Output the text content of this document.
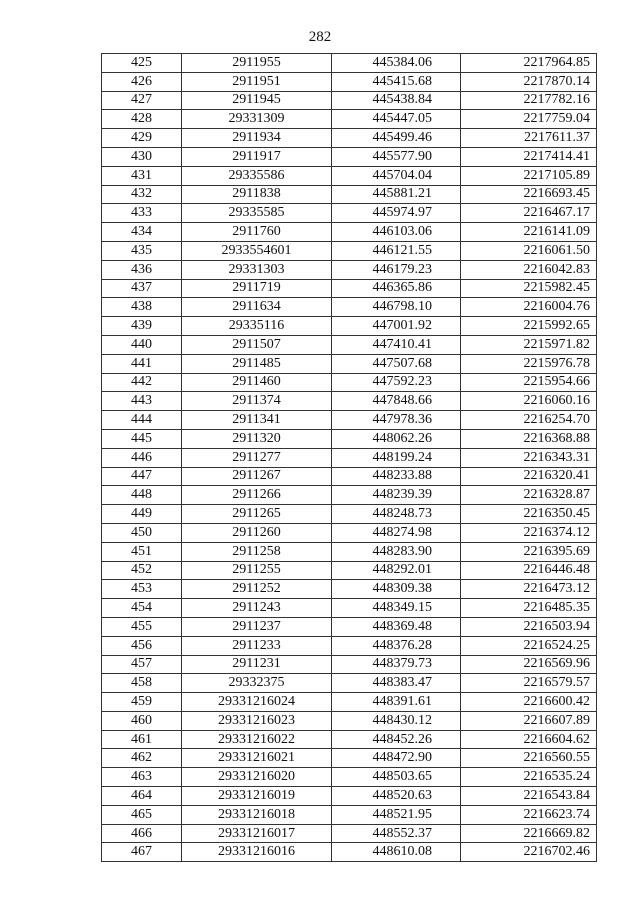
282
425	2911955	445384.06	2217964.85
426	2911951	445415.68	2217870.14
427	2911945	445438.84	2217782.16
428	29331309	445447.05	2217759.04
429	2911934	445499.46	2217611.37
430	2911917	445577.90	2217414.41
431	29335586	445704.04	2217105.89
432	2911838	445881.21	2216693.45
433	29335585	445974.97	2216467.17
434	2911760	446103.06	2216141.09
435	2933554601	446121.55	2216061.50
436	29331303	446179.23	2216042.83
437	2911719	446365.86	2215982.45
438	2911634	446798.10	2216004.76
439	29335116	447001.92	2215992.65
440	2911507	447410.41	2215971.82
441	2911485	447507.68	2215976.78
442	2911460	447592.23	2215954.66
443	2911374	447848.66	2216060.16
444	2911341	447978.36	2216254.70
445	2911320	448062.26	2216368.88
446	2911277	448199.24	2216343.31
447	2911267	448233.88	2216320.41
448	2911266	448239.39	2216328.87
449	2911265	448248.73	2216350.45
450	2911260	448274.98	2216374.12
451	2911258	448283.90	2216395.69
452	2911255	448292.01	2216446.48
453	2911252	448309.38	2216473.12
454	2911243	448349.15	2216485.35
455	2911237	448369.48	2216503.94
456	2911233	448376.28	2216524.25
457	2911231	448379.73	2216569.96
458	29332375	448383.47	2216579.57
459	29331216024	448391.61	2216600.42
460	29331216023	448430.12	2216607.89
461	29331216022	448452.26	2216604.62
462	29331216021	448472.90	2216560.55
463	29331216020	448503.65	2216535.24
464	29331216019	448520.63	2216543.84
465	29331216018	448521.95	2216623.74
466	29331216017	448552.37	2216669.82
467	29331216016	448610.08	2216702.46
